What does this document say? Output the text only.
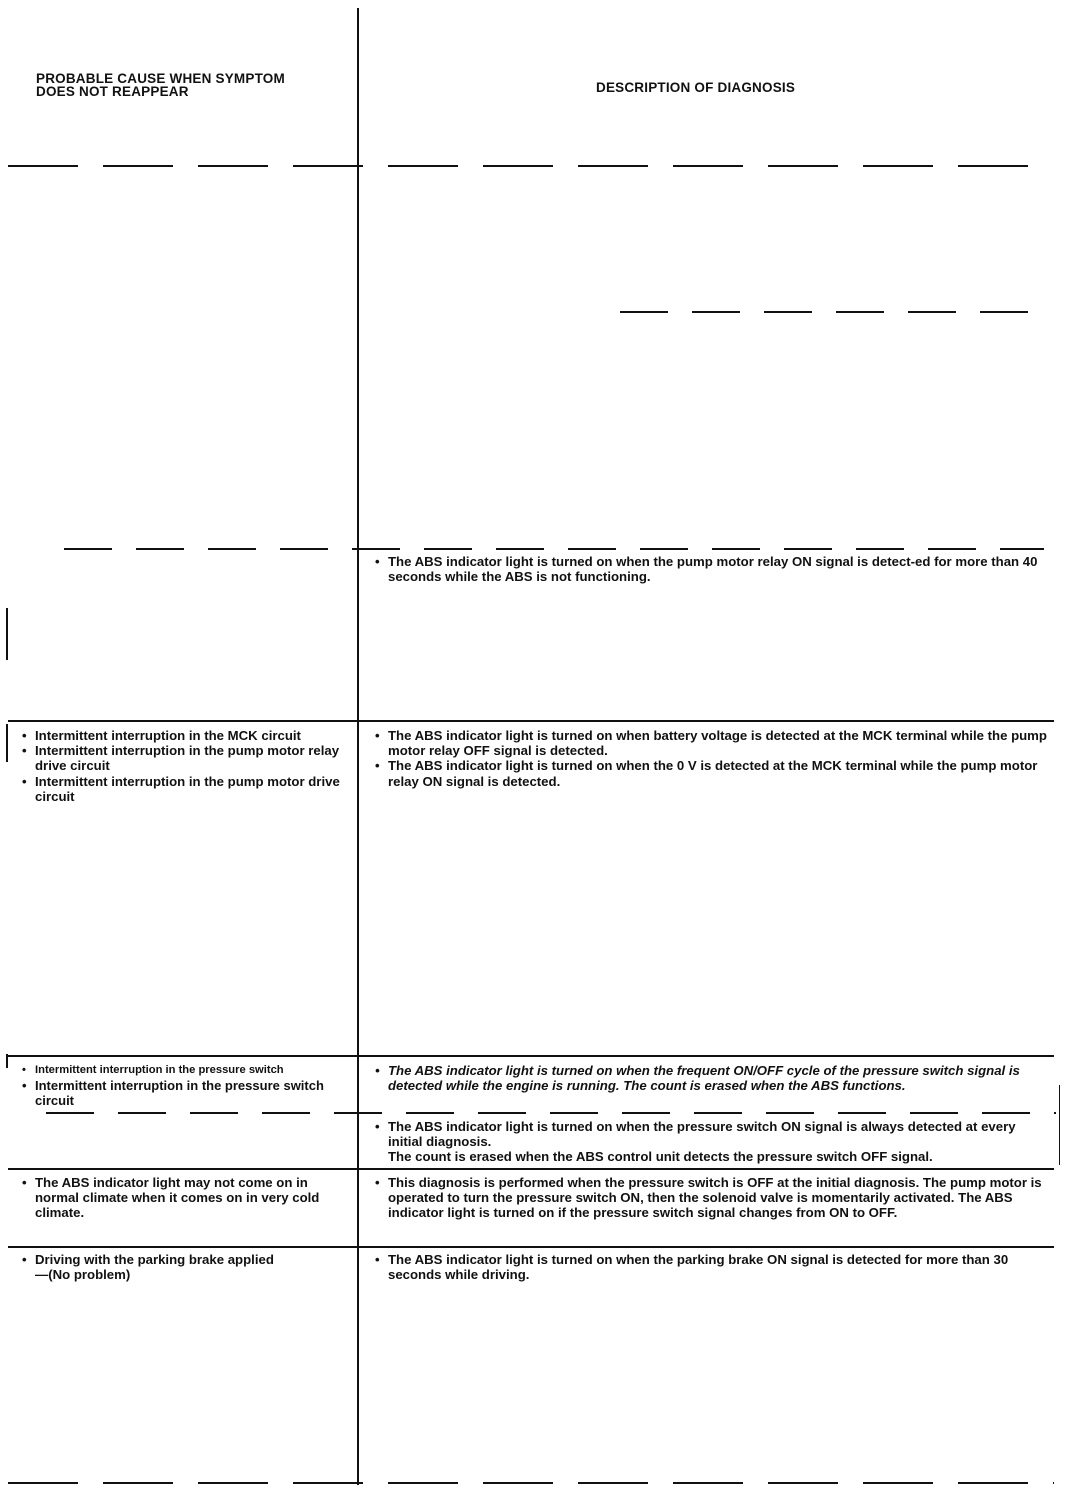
PROBABLE CAUSE WHEN SYMPTOM
DOES NOT REAPPEAR	DESCRIPTION OF DIAGNOSIS
• The ABS indicator light is turned on when the pump motor relay ON signal is detect-ed for more than 40 seconds while the ABS is not functioning.
• Intermittent interruption in the MCK circuit
• Intermittent interruption in the pump motor relay drive circuit
• Intermittent interruption in the pump motor drive circuit
• The ABS indicator light is turned on when battery voltage is detected at the MCK terminal while the pump motor relay OFF signal is detected.
• The ABS indicator light is turned on when the 0 V is detected at the MCK terminal while the pump motor relay ON signal is detected.
• Intermittent interruption in the pressure switch
• Intermittent interruption in the pressure switch circuit
• The ABS indicator light is turned on when the frequent ON/OFF cycle of the pressure switch signal is detected while the engine is running. The count is erased when the ABS functions.
• The ABS indicator light is turned on when the pressure switch ON signal is always detected at every initial diagnosis.
The count is erased when the ABS control unit detects the pressure switch OFF signal.
• The ABS indicator light may not come on in normal climate when it comes on in very cold climate.
• This diagnosis is performed when the pressure switch is OFF at the initial diagnosis. The pump motor is operated to turn the pressure switch ON, then the solenoid valve is momentarily activated. The ABS indicator light is turned on if the pressure switch signal changes from ON to OFF.
• Driving with the parking brake applied—(No problem)
• The ABS indicator light is turned on when the parking brake ON signal is detected for more than 30 seconds while driving.
